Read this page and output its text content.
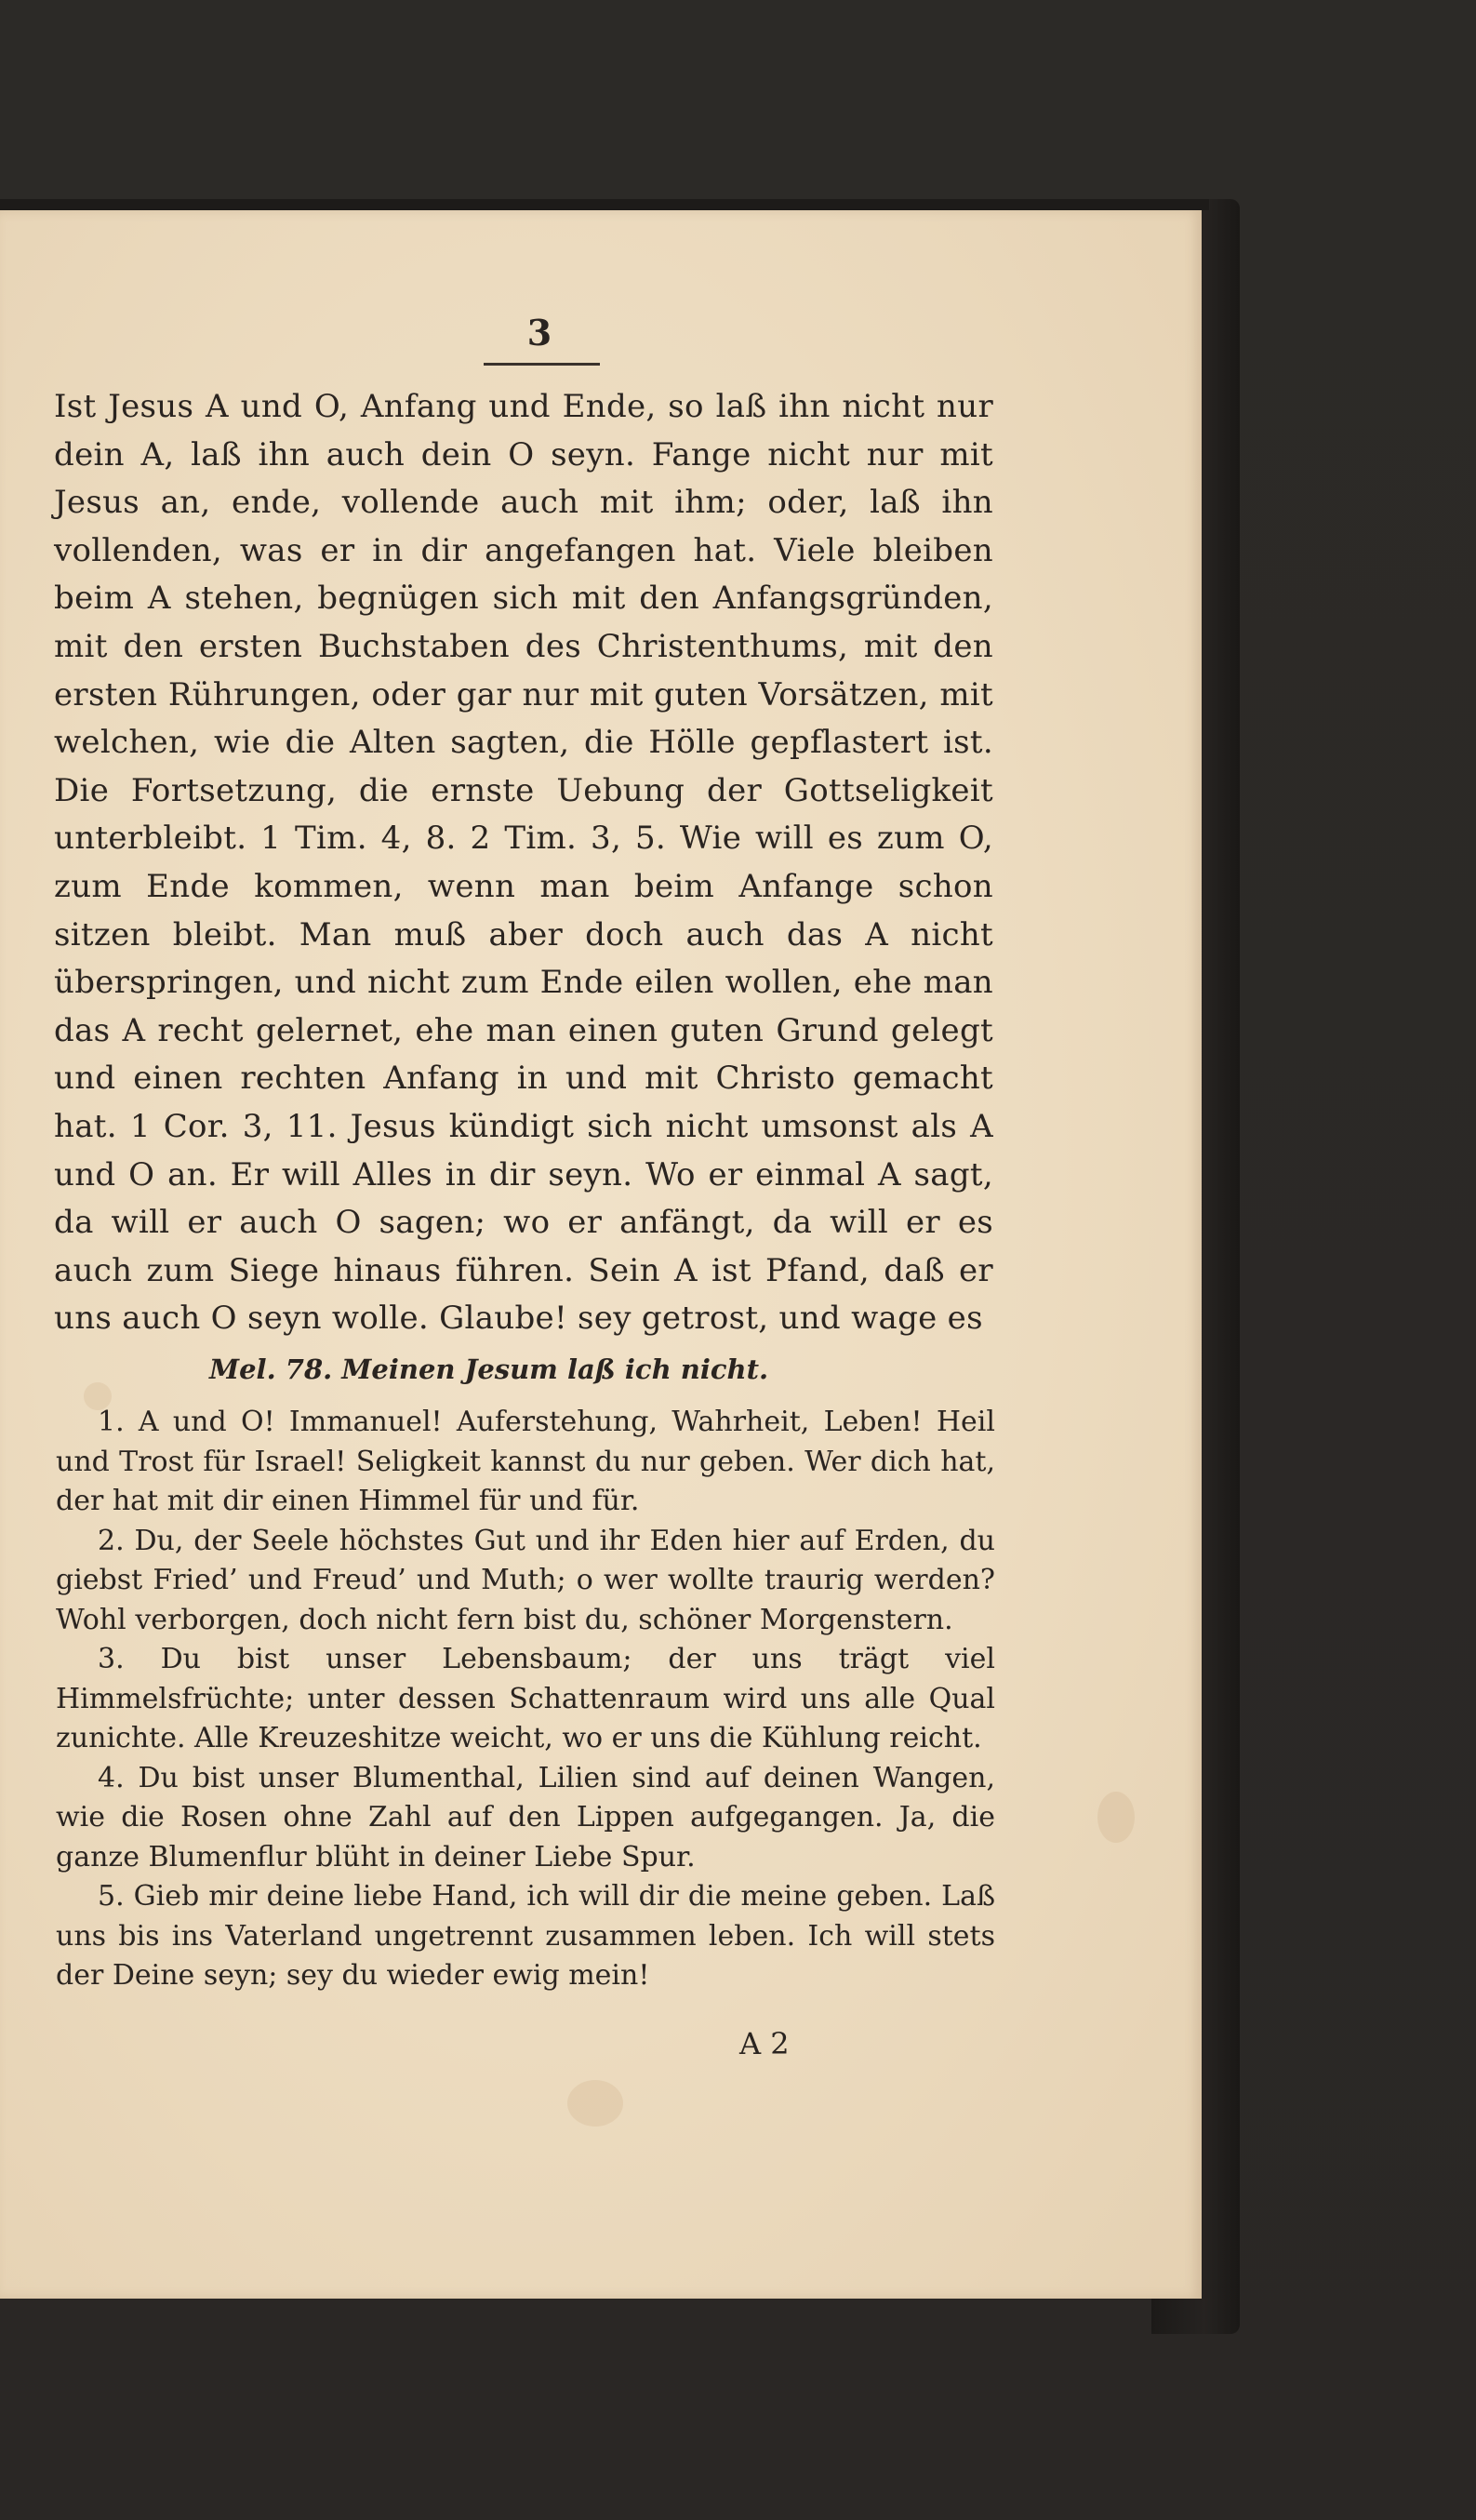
3

Ist Jesus A und O, Anfang und Ende, so laß ihn nicht nur dein A, laß ihn auch dein O seyn. Fange nicht nur mit Jesus an, ende, vollende auch mit ihm; oder, laß ihn vollenden, was er in dir angefangen hat. Viele bleiben beim A stehen, begnügen sich mit den Anfangsgründen, mit den ersten Buchstaben des Christenthums, mit den ersten Rührungen, oder gar nur mit guten Vorsätzen, mit welchen, wie die Alten sagten, die Hölle gepflastert ist. Die Fortsetzung, die ernste Uebung der Gottseligkeit unterbleibt. 1 Tim. 4, 8. 2 Tim. 3, 5. Wie will es zum O, zum Ende kommen, wenn man beim Anfange schon sitzen bleibt. Man muß aber doch auch das A nicht überspringen, und nicht zum Ende eilen wollen, ehe man das A recht gelernet, ehe man einen guten Grund gelegt und einen rechten Anfang in und mit Christo gemacht hat. 1 Cor. 3, 11. Jesus kündigt sich nicht umsonst als A und O an. Er will Alles in dir seyn. Wo er einmal A sagt, da will er auch O sagen; wo er anfängt, da will er es auch zum Siege hinaus führen. Sein A ist Pfand, daß er uns auch O seyn wolle. Glaube! sey getrost, und wage es

Mel. 78. Meinen Jesum laß ich nicht.

1. A und O! Immanuel! Auferstehung, Wahrheit, Leben! Heil und Trost für Israel! Seligkeit kannst du nur geben. Wer dich hat, der hat mit dir einen Himmel für und für.
2. Du, der Seele höchstes Gut und ihr Eden hier auf Erden, du giebst Fried’ und Freud’ und Muth; o wer wollte traurig werden? Wohl verborgen, doch nicht fern bist du, schöner Morgenstern.
3. Du bist unser Lebensbaum; der uns trägt viel Himmelsfrüchte; unter dessen Schattenraum wird uns alle Qual zunichte. Alle Kreuzeshitze weicht, wo er uns die Kühlung reicht.
4. Du bist unser Blumenthal, Lilien sind auf deinen Wangen, wie die Rosen ohne Zahl auf den Lippen aufgegangen. Ja, die ganze Blumenflur blüht in deiner Liebe Spur.
5. Gieb mir deine liebe Hand, ich will dir die meine geben. Laß uns bis ins Vaterland ungetrennt zusammen leben. Ich will stets der Deine seyn; sey du wieder ewig mein!

A 2
